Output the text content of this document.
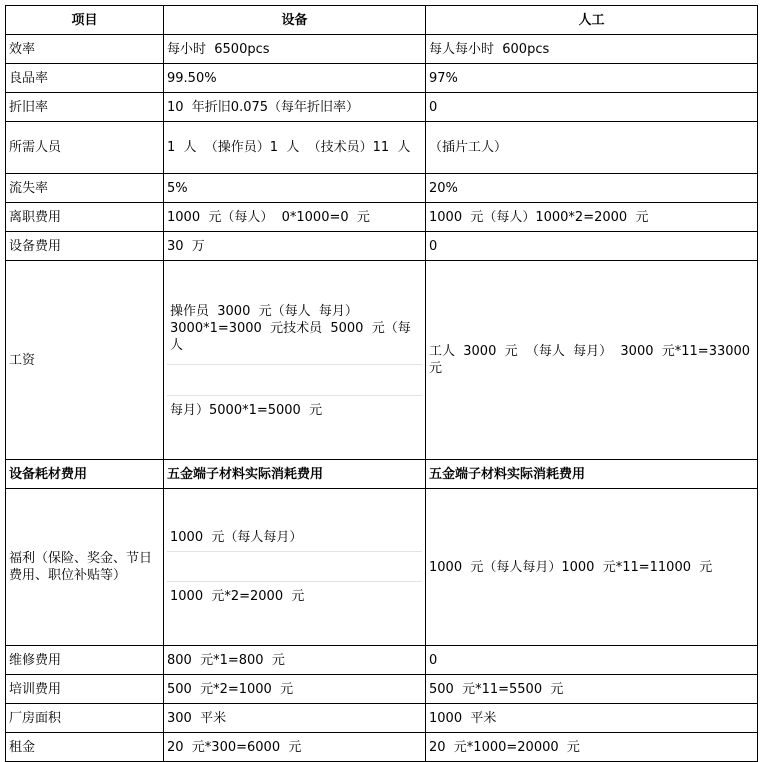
项目	设备	人工
效率	每小时  6500pcs	每人每小时  600pcs
良品率	99.50%	97%
折旧率	10  年折旧0.075（每年折旧率）	0
所需人员	1  人  （操作员）1  人  （技术员）11  人	（插片工人）
流失率	5%	20%
离职费用	1000  元（每人）  0*1000=0  元	1000  元（每人）1000*2=2000  元
设备费用	30  万	0
工资	操作员  3000  元（每人  每月）3000*1=3000  元技术员  5000  元（每人
每月）5000*1=5000  元	工人  3000  元  （每人  每月）  3000  元*11=33000元
设备耗材费用	五金端子材料实际消耗费用	五金端子材料实际消耗费用
福利（保险、奖金、节日费用、职位补贴等）	1000  元（每人每月）
1000  元*2=2000  元	1000  元（每人每月）1000  元*11=11000  元
维修费用	800  元*1=800  元	0
培训费用	500  元*2=1000  元	500  元*11=5500  元
厂房面积	300  平米	1000  平米
租金	20  元*300=6000  元	20  元*1000=20000  元
